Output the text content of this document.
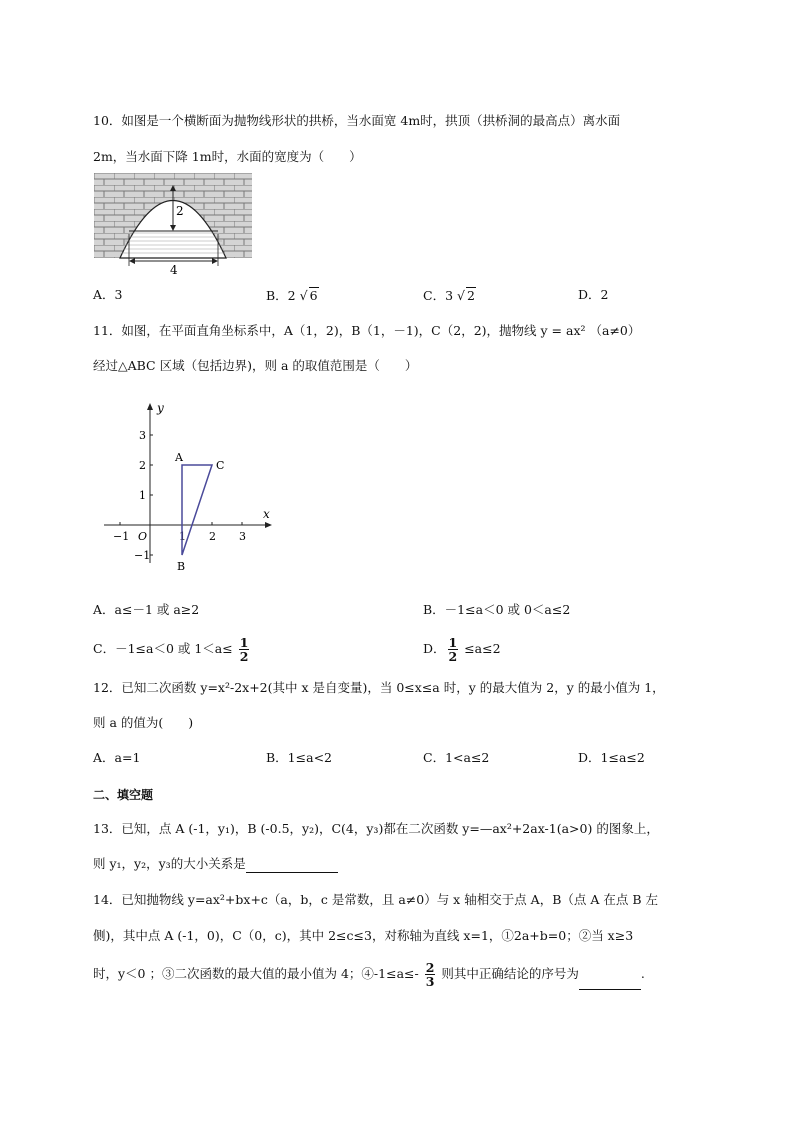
10．如图是一个横断面为抛物线形状的拱桥，当水面宽 4m时，拱顶（拱桥洞的最高点）离水面
2m，当水面下降 1m时，水面的宽度为（　　）
2
4
A．3	B．2 √ 6	C．3 √ 2	D．2
11．如图，在平面直角坐标系中，A（1，2)，B（1，－1)，C（2，2)，抛物线 y = ax² （a≠0）
经过△ABC 区域（包括边界)，则 a 的取值范围是（　　）
x
y
O
−1	1 2 3
3
2
1
−1
A
B
C
A．a≤－1 或 a≥2	B．－1≤a＜0 或 0＜a≤2
C．－1≤a＜0 或 $1<a\le \frac{1}{2}$	D． $\frac{1}{2} \le a\le 2$
12．已知二次函数 y=x²-2x+2(其中 x 是自变量)，当 0≤x≤a 时，y 的最大值为 2，y 的最小值为 1，
则 a 的值为(　　)
A．a=1	B．1≤a<2	C．1<a≤2	D．1≤a≤2
二、填空题
13．已知，点 A (-1，y₁)，B (-0.5，y₂)，C(4，y₃)都在二次函数 y=—ax²+2ax-1(a>0) 的图象上，
则 y₁，y₂，y₃的大小关系是
14．已知抛物线 y=ax²+bx+c（a，b，c 是常数，且 a≠0）与 x 轴相交于点 A，B（点 A 在点 B 左
侧)，其中点 A (-1，0)，C（0，c)，其中 2≤c≤3，对称轴为直线 x=1，①2a+b=0；②当 x≥3
时，y＜0 ；③二次函数的最大值的最小值为 4；④-1≤a≤- $\frac{2}{3}$ 则其中正确结论的序号为	.
